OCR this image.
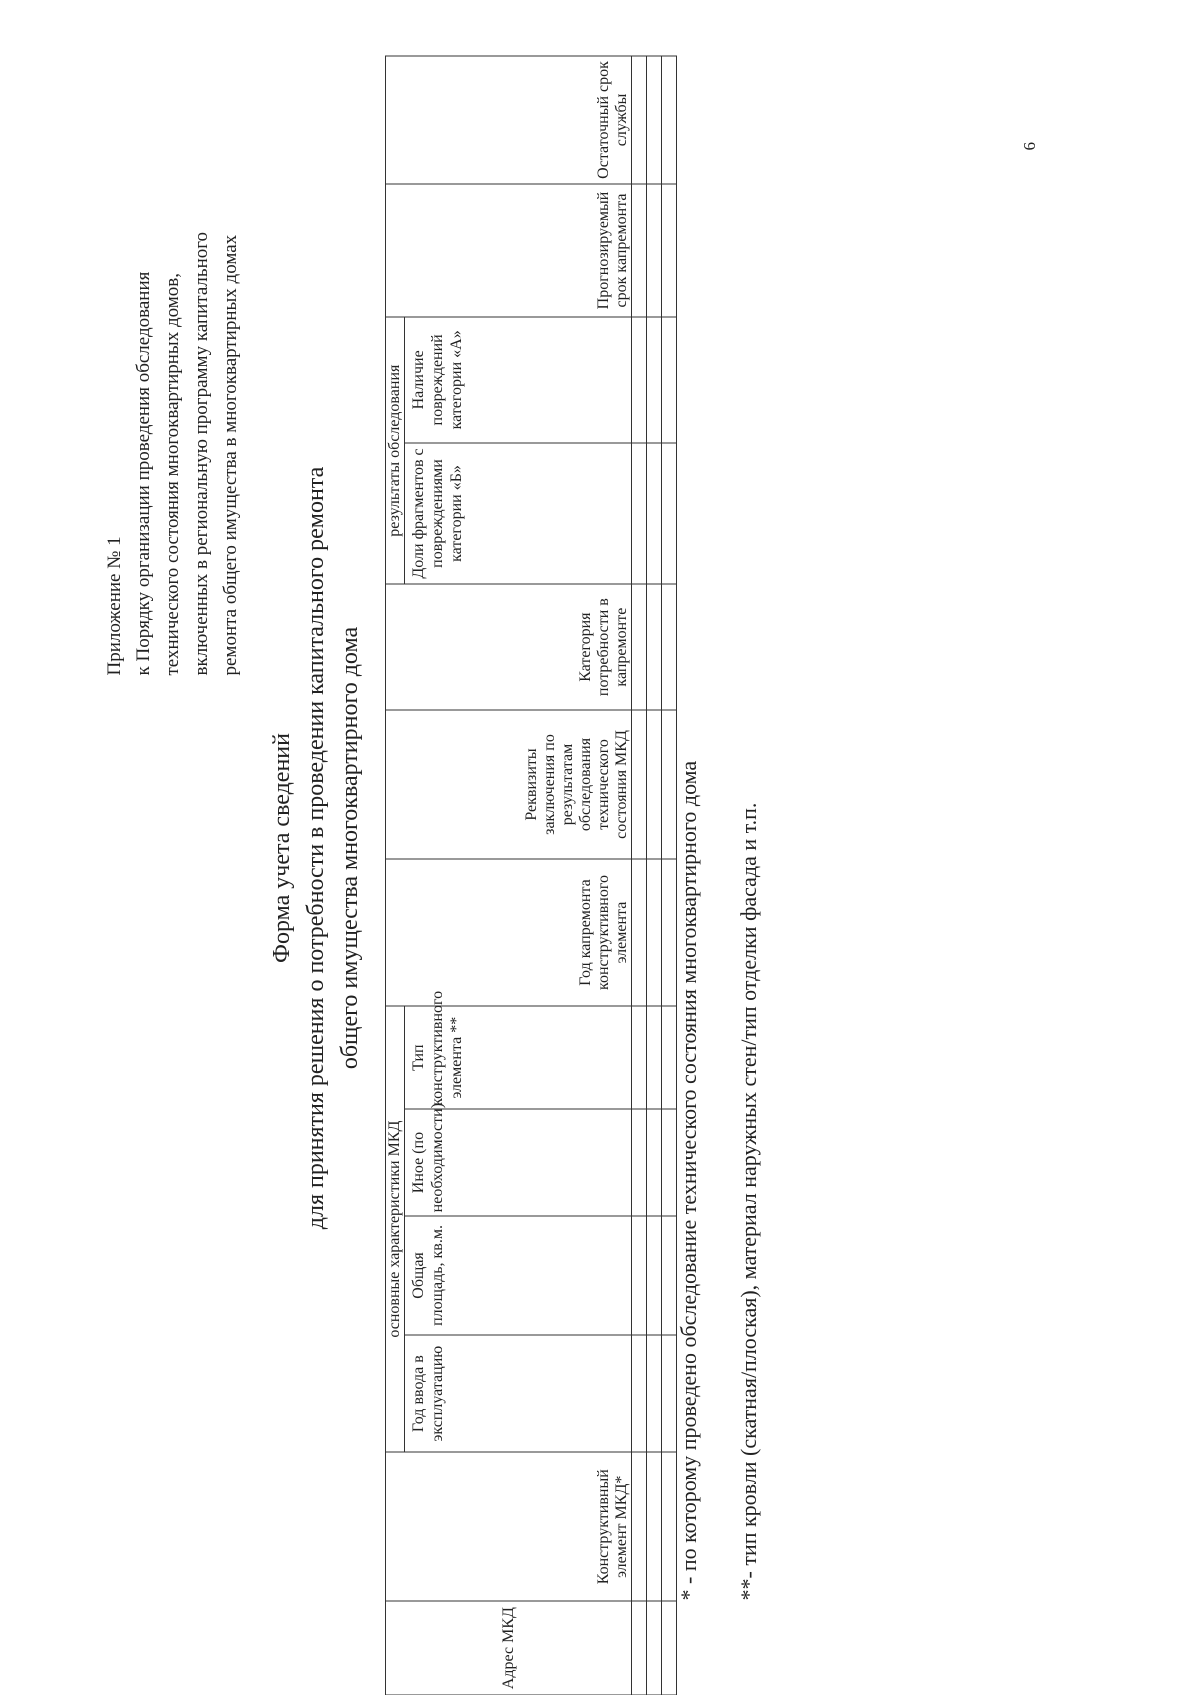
Приложение № 1 к Порядку организации проведения обследования технического состояния многоквартирных домов, включенных в региональную программу капитального ремонта общего имущества в многоквартирных домах
Форма учета сведений для принятия решения о потребности в проведении капитального ремонта общего имущества многоквартирного дома
Адрес МКД	Конструктивный элемент МКД*	основные характеристики МКД				Год капремонта конструктивного элемента	Реквизиты заключения по результатам обследования технического состояния МКД	Категория потребности в капремонте	результаты обследования		Прогнозируемый срок капремонта	Остаточный срок службы
		Год ввода в эксплуатацию	Общая площадь, кв.м.	Иное (по необходимости)	Тип конструктивного элемента **				Доли фрагментов с повреждениями категории «Б»	Наличие повреждений категории «А»		

* - по которому проведено обследование технического состояния многоквартирного дома **- тип кровли (скатная/плоская), материал наружных стен/тип отделки фасада и т.п.
6
